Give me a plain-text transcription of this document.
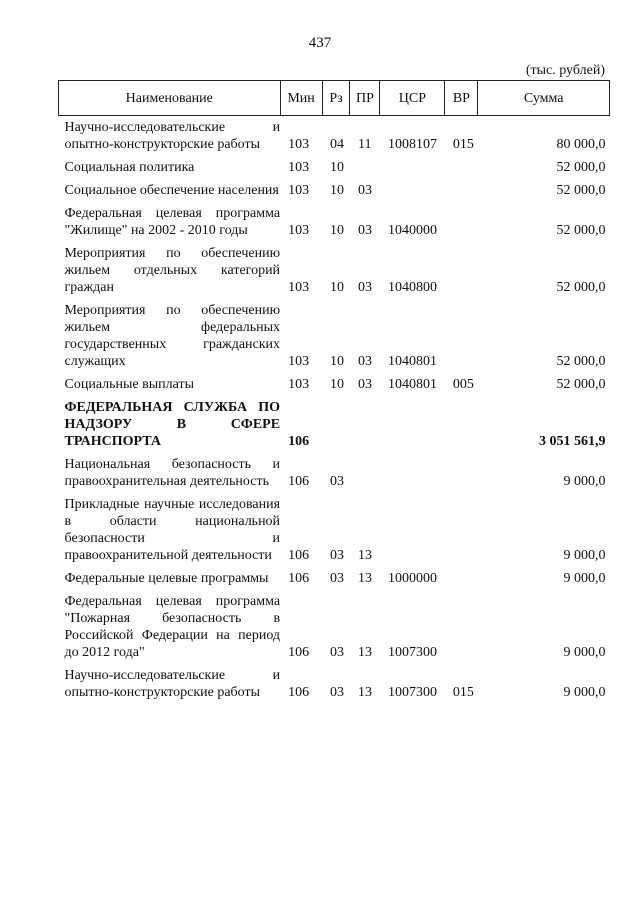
437
(тыс. рублей)
Наименование	Мин	Рз	ПР	ЦСР	ВР	Сумма
Научно-исследовательские и опытно-конструкторские работы	103	04	11	1008107	015	80 000,0
Социальная политика	103	10				52 000,0
Социальное обеспечение населения	103	10	03			52 000,0
Федеральная целевая программа "Жилище" на 2002 - 2010 годы	103	10	03	1040000		52 000,0
Мероприятия по обеспечению жильем отдельных категорий граждан	103	10	03	1040800		52 000,0
Мероприятия по обеспечению жильем федеральных государственных гражданских служащих	103	10	03	1040801		52 000,0
Социальные выплаты	103	10	03	1040801	005	52 000,0
ФЕДЕРАЛЬНАЯ СЛУЖБА ПО НАДЗОРУ В СФЕРЕ ТРАНСПОРТА	106					3 051 561,9
Национальная безопасность и правоохранительная деятельность	106	03				9 000,0
Прикладные научные исследования в области национальной безопасности и правоохранительной деятельности	106	03	13			9 000,0
Федеральные целевые программы	106	03	13	1000000		9 000,0
Федеральная целевая программа "Пожарная безопасность в Российской Федерации на период до 2012 года"	106	03	13	1007300		9 000,0
Научно-исследовательские и опытно-конструкторские работы	106	03	13	1007300	015	9 000,0
